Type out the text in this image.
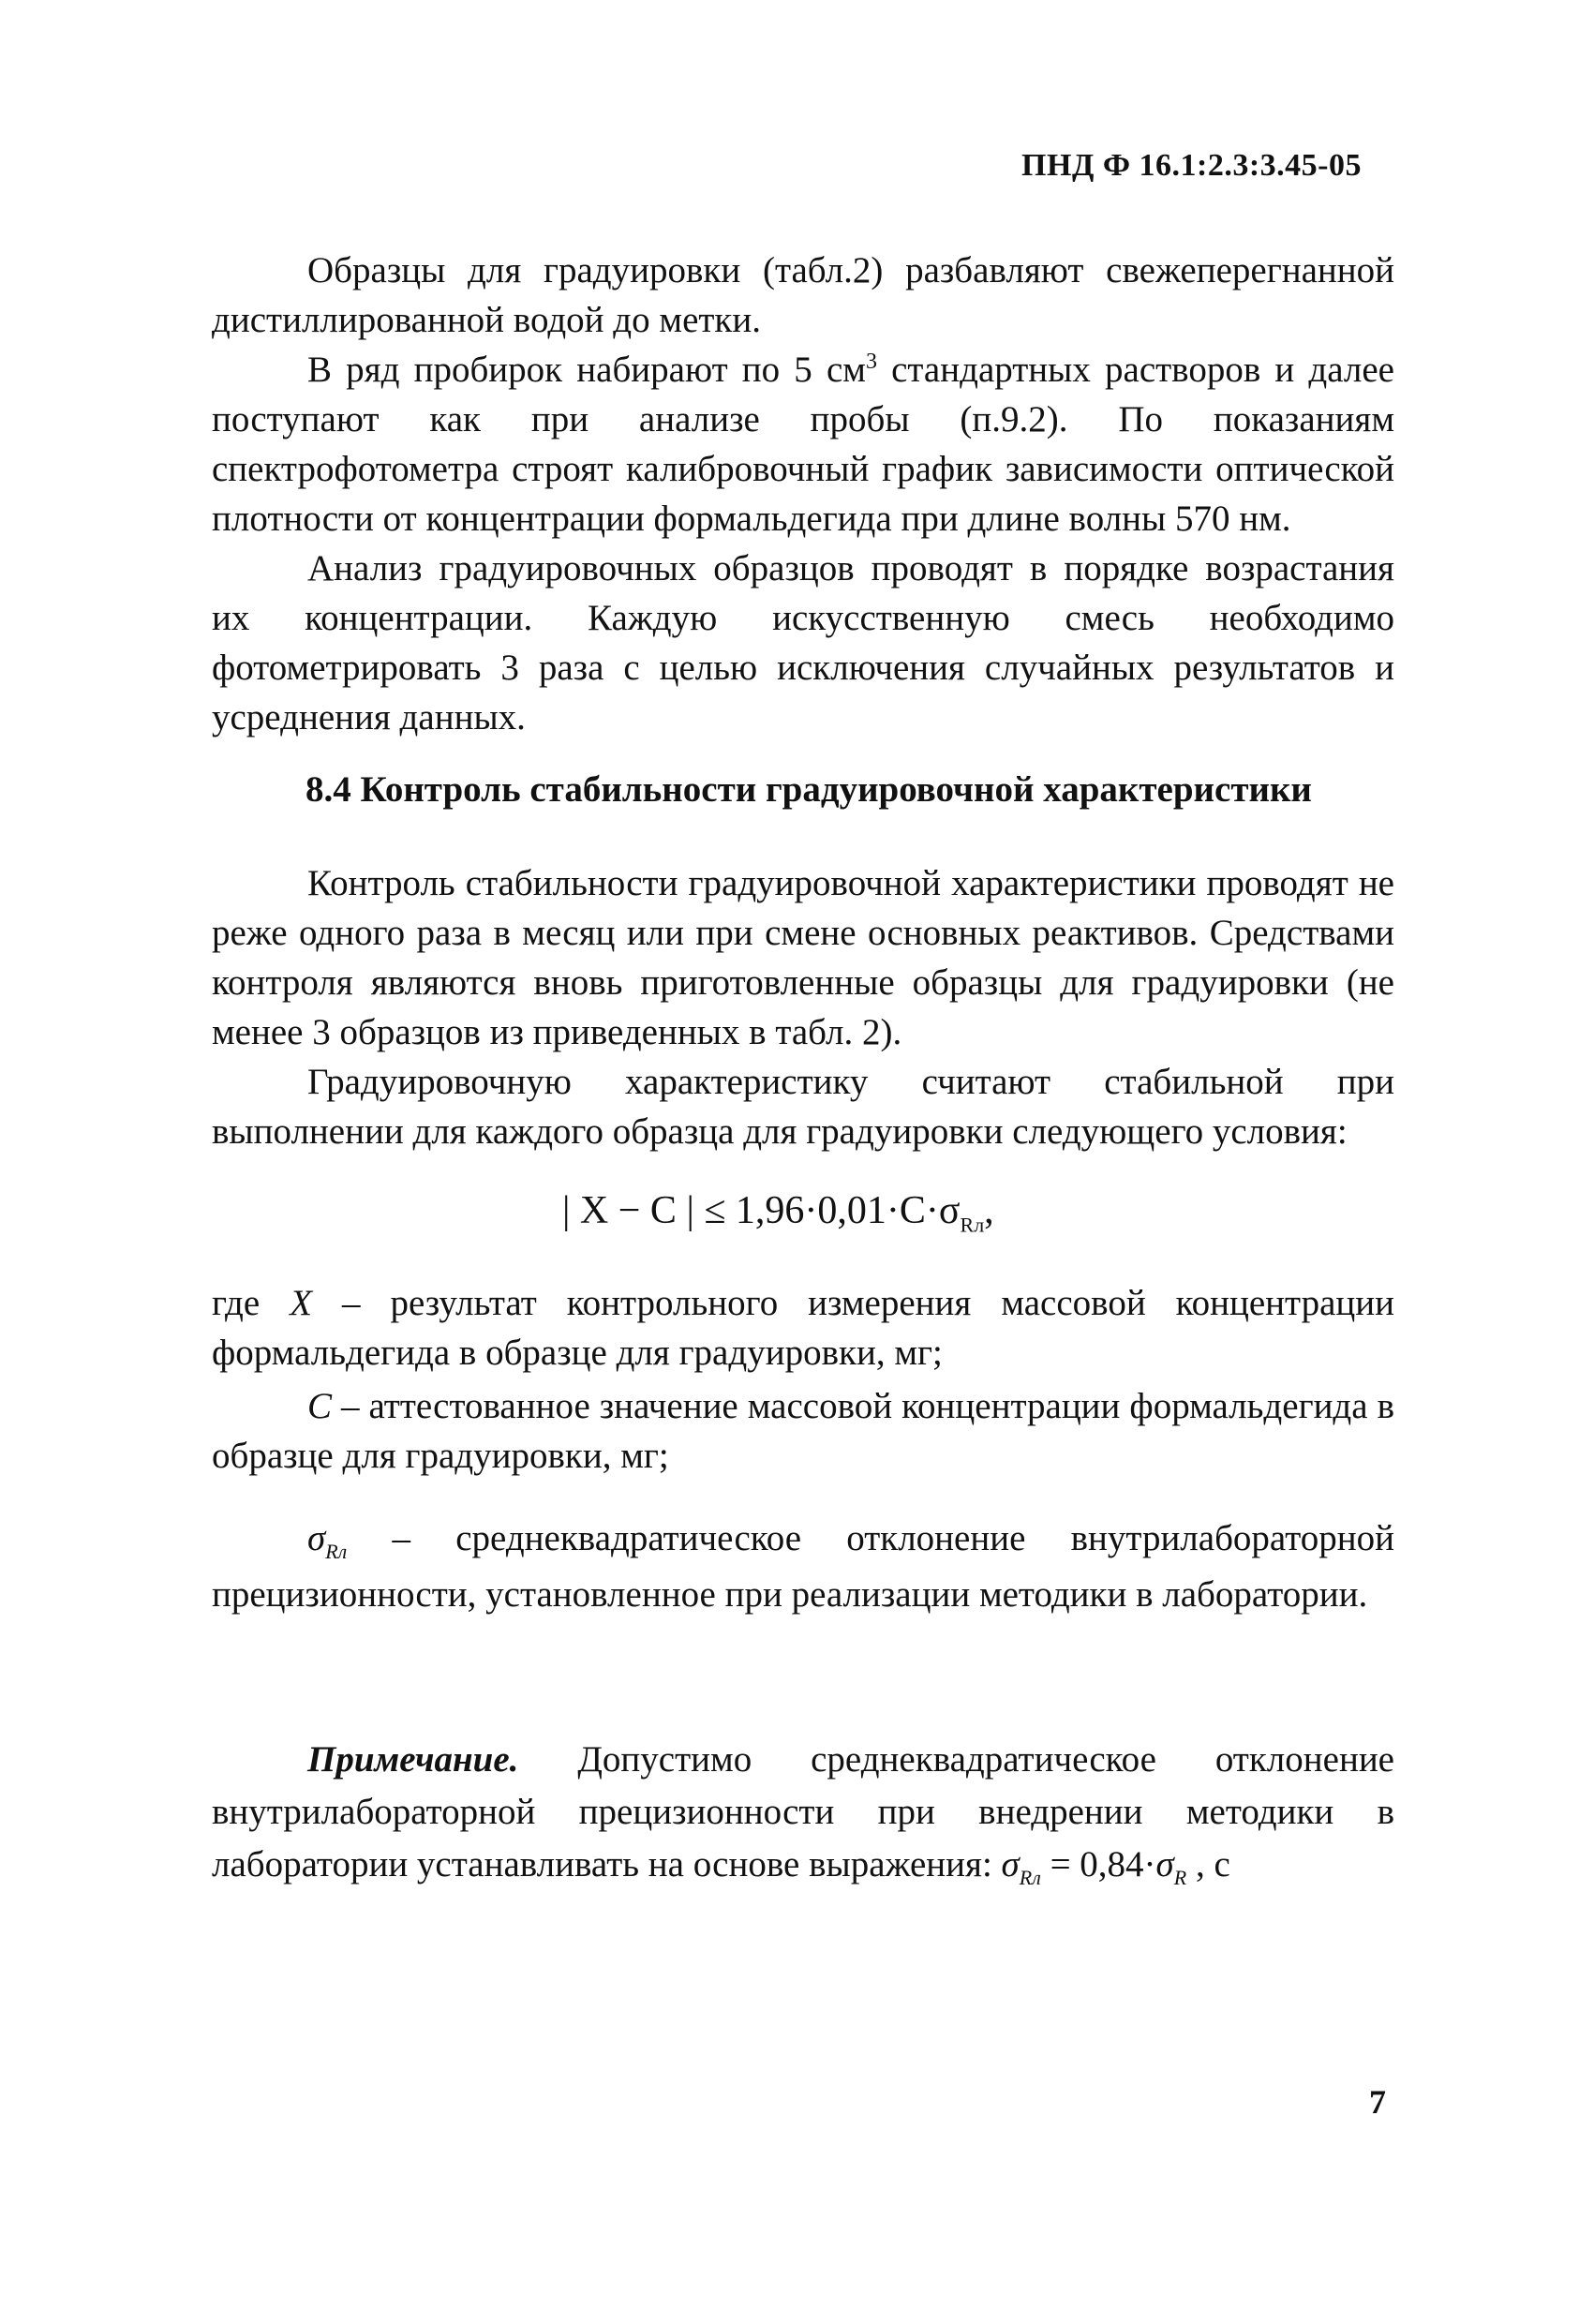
ПНД Ф 16.1:2.3:3.45-05
Образцы для градуировки (табл.2) разбавляют свежеперегнанной дистиллированной водой до метки.
В ряд пробирок набирают по 5 $см^3$ стандартных растворов и далее поступают как при анализе пробы (п.9.2). По показаниям спектрофотометра строят калибровочный график зависимости оптической плотности от концентрации формальдегида при длине волны 570 нм.
Анализ градуировочных образцов проводят в порядке возрастания их концентрации. Каждую искусственную смесь необходимо фотометрировать 3 раза с целью исключения случайных результатов и усреднения данных.
8.4 Контроль стабильности градуировочной характеристики
Контроль стабильности градуировочной характеристики проводят не реже одного раза в месяц или при смене основных реактивов. Средствами контроля являются вновь приготовленные образцы для градуировки (не менее 3 образцов из приведенных в табл. 2).
Градуировочную характеристику считают стабильной при выполнении для каждого образца для градуировки следующего условия:
| X − C | ≤ $1,96\cdot 0,01\cdot C\cdot\sigma_{Rл}$,
где X – результат контрольного измерения массовой концентрации формальдегида в образце для градуировки, мг;
C – аттестованное значение массовой концентрации формальдегида в образце для градуировки, мг;
$\sigma_{Rл}$ – среднеквадратическое отклонение внутрилабораторной прецизионности, установленное при реализации методики в лаборатории.
Примечание. Допустимо среднеквадратическое отклонение внутрилабораторной прецизионности при внедрении методики в лаборатории устанавливать на основе выражения: $\sigma_{Rл} = 0,84\cdot\sigma_R$ , с
7
